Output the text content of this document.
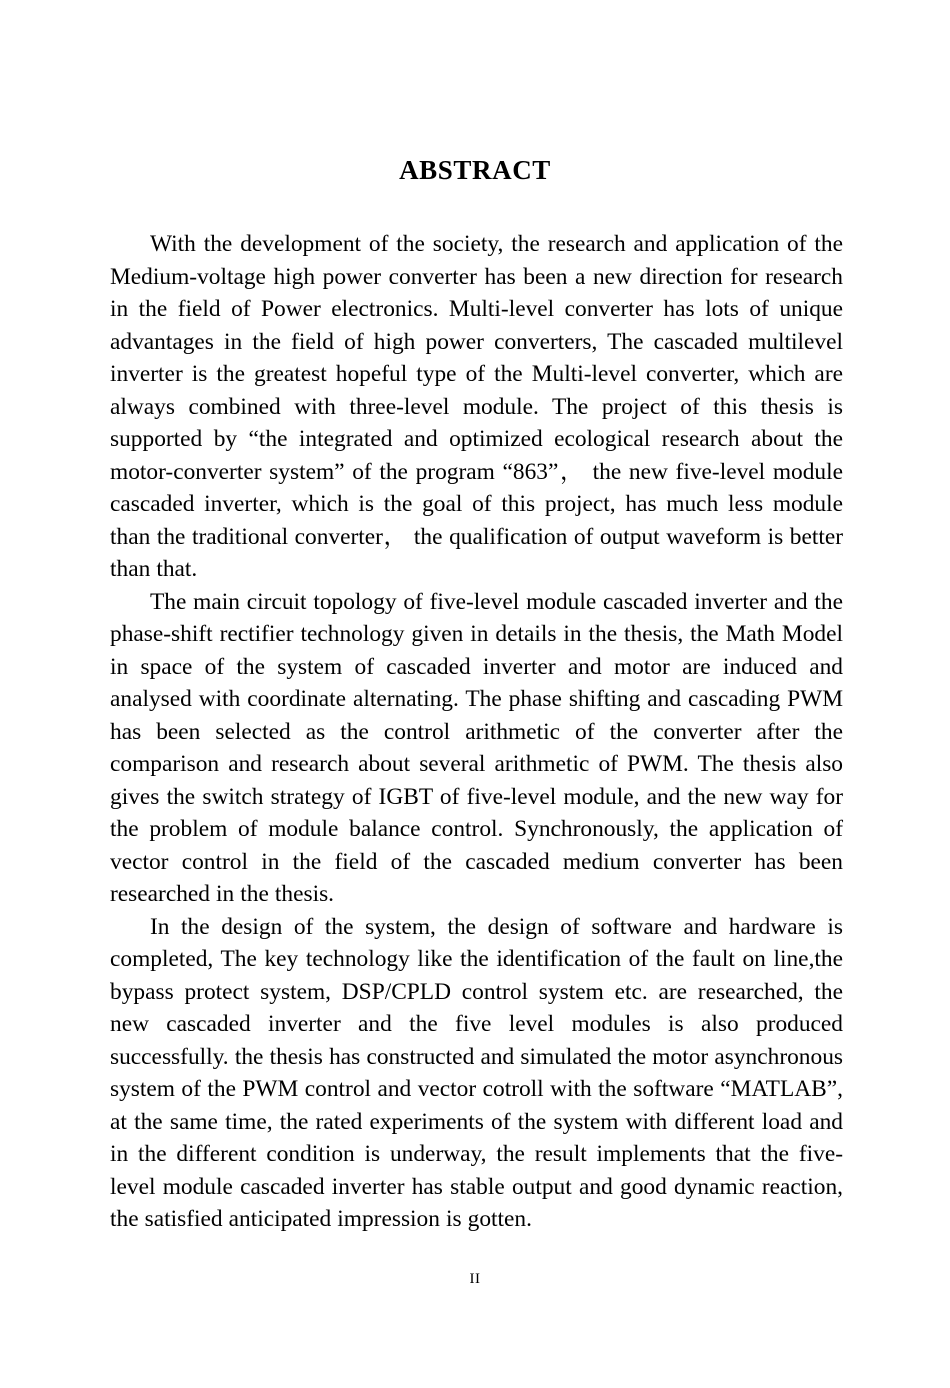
ABSTRACT

With the development of the society, the research and application of the Medium-voltage high power converter has been a new direction for research in the field of Power electronics. Multi-level converter has lots of unique advantages in the field of high power converters, The cascaded multilevel inverter is the greatest hopeful type of the Multi-level converter, which are always combined with three-level module. The project of this thesis is supported by “the integrated and optimized ecological research about the motor-converter system” of the program “863”， the new five-level module cascaded inverter, which is the goal of this project, has much less module than the traditional converter， the qualification of output waveform is better than that.

The main circuit topology of five-level module cascaded inverter and the phase-shift rectifier technology given in details in the thesis, the Math Model in space of the system of cascaded inverter and motor are induced and analysed with coordinate alternating. The phase shifting and cascading PWM has been selected as the control arithmetic of the converter after the comparison and research about several arithmetic of PWM. The thesis also gives the switch strategy of IGBT of five-level module, and the new way for the problem of module balance control. Synchronously, the application of vector control in the field of the cascaded medium converter has been researched in the thesis.

In the design of the system, the design of software and hardware is completed, The key technology like the identification of the fault on line,the bypass protect system, DSP/CPLD control system etc. are researched, the new cascaded inverter and the five level modules is also produced successfully. the thesis has constructed and simulated the motor asynchronous system of the PWM control and vector cotroll with the software “MATLAB”, at the same time, the rated experiments of the system with different load and in the different condition is underway, the result implements that the five-level module cascaded inverter has stable output and good dynamic reaction, the satisfied anticipated impression is gotten.

II
